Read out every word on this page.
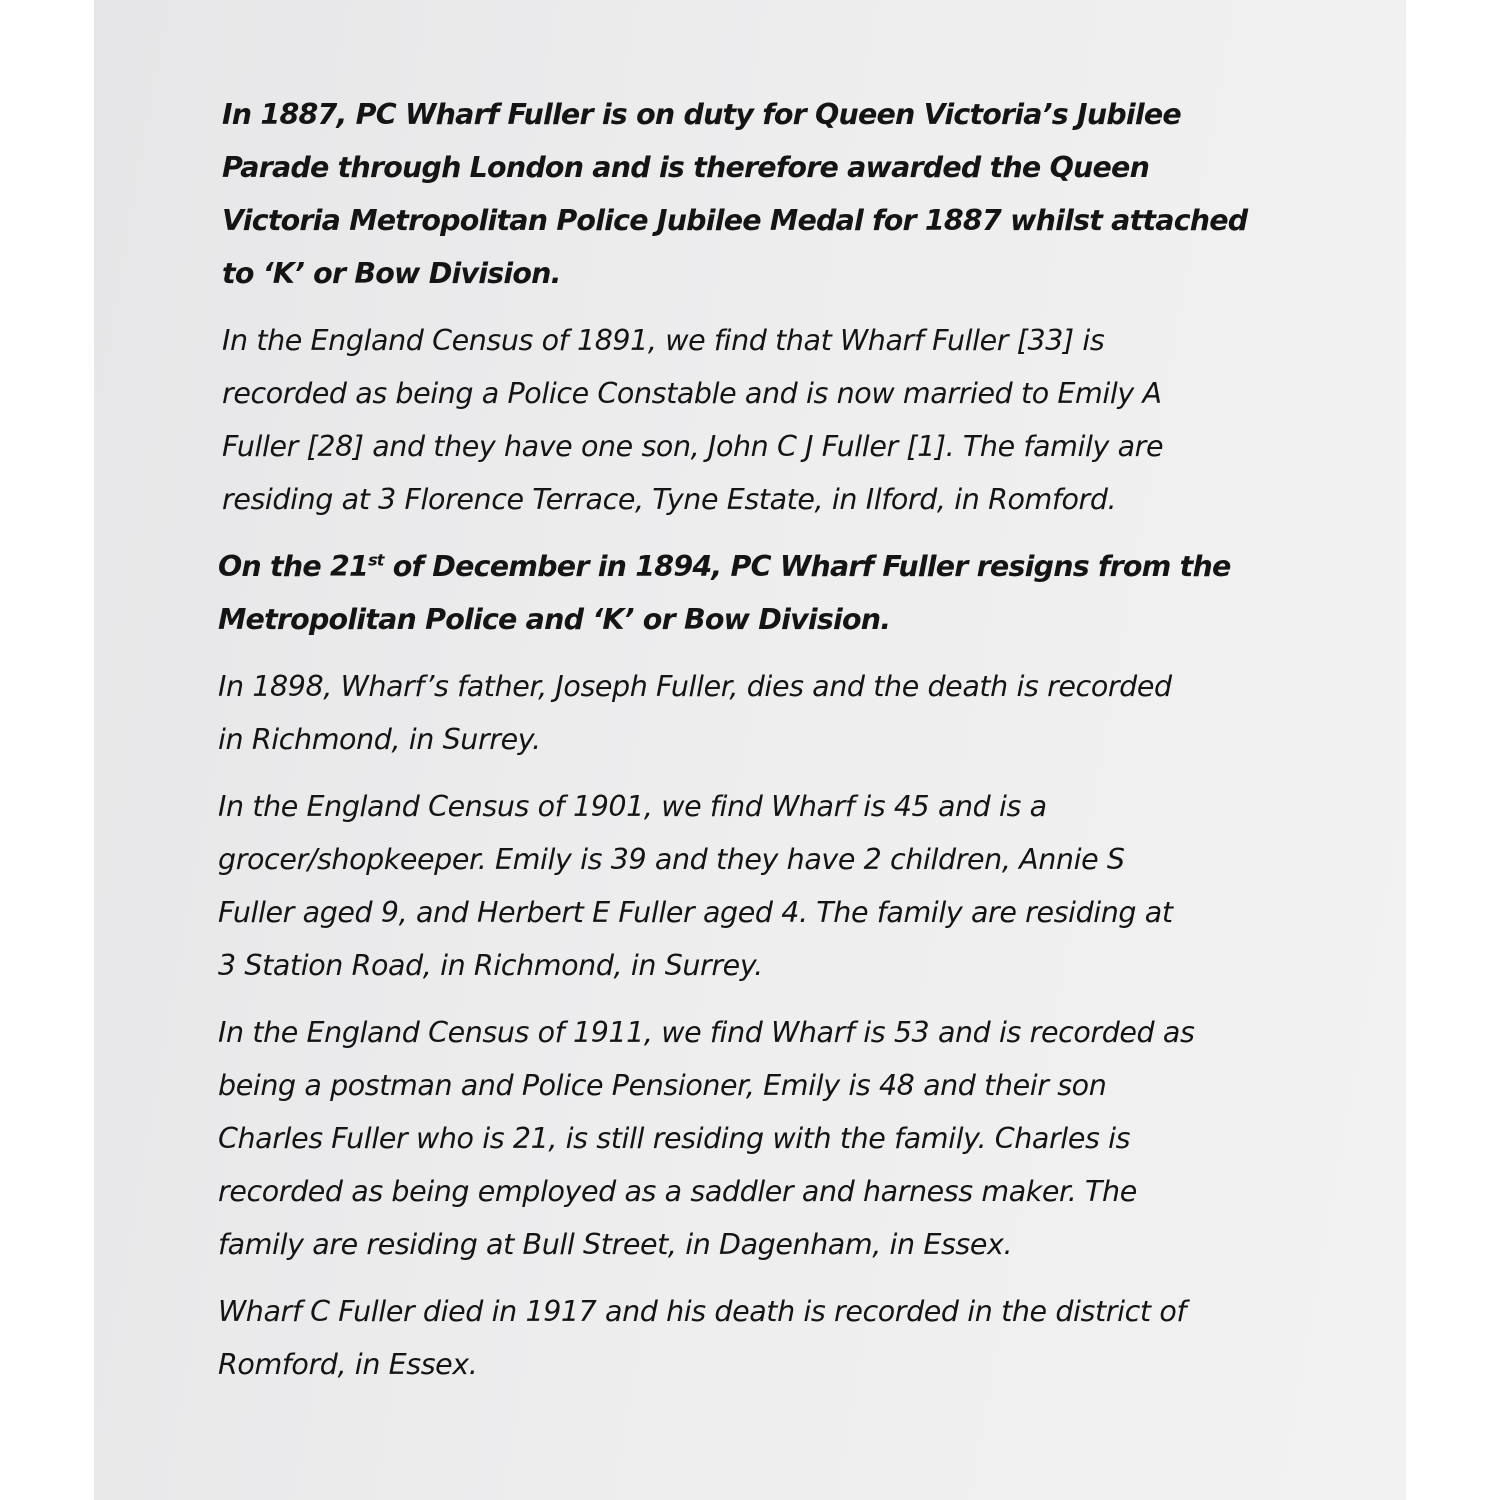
In 1887, PC Wharf Fuller is on duty for Queen Victoria’s Jubilee
Parade through London and is therefore awarded the Queen
Victoria Metropolitan Police Jubilee Medal for 1887 whilst attached
to ‘K’ or Bow Division.
In the England Census of 1891, we find that Wharf Fuller [33] is
recorded as being a Police Constable and is now married to Emily A
Fuller [28] and they have one son, John C J Fuller [1]. The family are
residing at 3 Florence Terrace, Tyne Estate, in Ilford, in Romford.
On the 21st of December in 1894, PC Wharf Fuller resigns from the
Metropolitan Police and ‘K’ or Bow Division.
In 1898, Wharf’s father, Joseph Fuller, dies and the death is recorded
in Richmond, in Surrey.
In the England Census of 1901, we find Wharf is 45 and is a
grocer/shopkeeper. Emily is 39 and they have 2 children, Annie S
Fuller aged 9, and Herbert E Fuller aged 4. The family are residing at
3 Station Road, in Richmond, in Surrey.
In the England Census of 1911, we find Wharf is 53 and is recorded as
being a postman and Police Pensioner, Emily is 48 and their son
Charles Fuller who is 21, is still residing with the family. Charles is
recorded as being employed as a saddler and harness maker. The
family are residing at Bull Street, in Dagenham, in Essex.
Wharf C Fuller died in 1917 and his death is recorded in the district of
Romford, in Essex.
